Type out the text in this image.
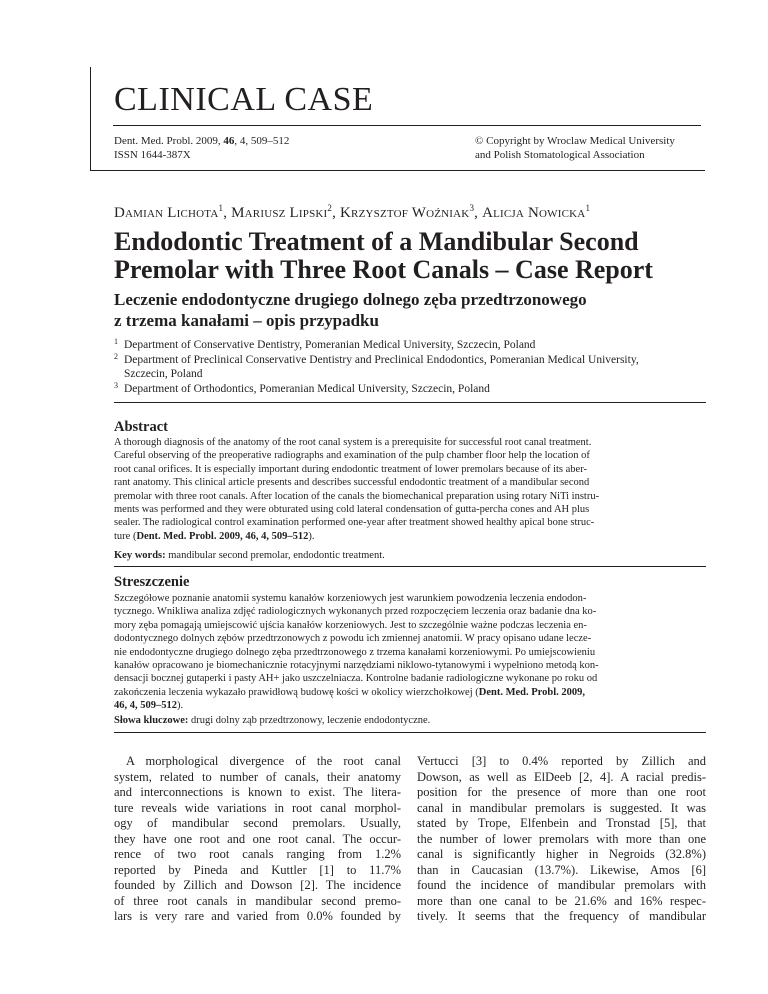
CLINICAL CASE
Dent. Med. Probl. 2009, 46, 4, 509–512
ISSN 1644-387X
© Copyright by Wroclaw Medical University
and Polish Stomatological Association
Damian Lichota$^1$, Mariusz Lipski$^2$, Krzysztof Woźniak$^3$, Alicja Nowicka$^1$
Endodontic Treatment of a Mandibular Second
Premolar with Three Root Canals – Case Report
Leczenie endodontyczne drugiego dolnego zęba przedtrzonowego
z trzema kanałami – opis przypadku
1 Department of Conservative Dentistry, Pomeranian Medical University, Szczecin, Poland
2 Department of Preclinical Conservative Dentistry and Preclinical Endodontics, Pomeranian Medical University,
Szczecin, Poland
3 Department of Orthodontics, Pomeranian Medical University, Szczecin, Poland
Abstract
A thorough diagnosis of the anatomy of the root canal system is a prerequisite for successful root canal treatment.
Careful observing of the preoperative radiographs and examination of the pulp chamber floor help the location of
root canal orifices. It is especially important during endodontic treatment of lower premolars because of its aber-
rant anatomy. This clinical article presents and describes successful endodontic treatment of a mandibular second
premolar with three root canals. After location of the canals the biomechanical preparation using rotary NiTi instru-
ments was performed and they were obturated using cold lateral condensation of gutta-percha cones and AH plus
sealer. The radiological control examination performed one-year after treatment showed healthy apical bone struc-
ture (Dent. Med. Probl. 2009, 46, 4, 509–512).
Key words: mandibular second premolar, endodontic treatment.
Streszczenie
Szczegółowe poznanie anatomii systemu kanałów korzeniowych jest warunkiem powodzenia leczenia endodon-
tycznego. Wnikliwa analiza zdjęć radiologicznych wykonanych przed rozpoczęciem leczenia oraz badanie dna ko-
mory zęba pomagają umiejscowić ujścia kanałów korzeniowych. Jest to szczególnie ważne podczas leczenia en-
dodontycznego dolnych zębów przedtrzonowych z powodu ich zmiennej anatomii. W pracy opisano udane lecze-
nie endodontyczne drugiego dolnego zęba przedtrzonowego z trzema kanałami korzeniowymi. Po umiejscowieniu
kanałów opracowano je biomechanicznie rotacyjnymi narzędziami niklowo-tytanowymi i wypełniono metodą kon-
densacji bocznej gutaperki i pasty AH+ jako uszczelniacza. Kontrolne badanie radiologiczne wykonane po roku od
zakończenia leczenia wykazało prawidłową budowę kości w okolicy wierzchołkowej (Dent. Med. Probl. 2009,
46, 4, 509–512).
Słowa kluczowe: drugi dolny ząb przedtrzonowy, leczenie endodontyczne.
A morphological divergence of the root canal
system, related to number of canals, their anatomy
and interconnections is known to exist. The litera-
ture reveals wide variations in root canal morphol-
ogy of mandibular second premolars. Usually,
they have one root and one root canal. The occur-
rence of two root canals ranging from 1.2%
reported by Pineda and Kuttler [1] to 11.7%
founded by Zillich and Dowson [2]. The incidence
of three root canals in mandibular second premo-
lars is very rare and varied from 0.0% founded by
Vertucci [3] to 0.4% reported by Zillich and
Dowson, as well as ElDeeb [2, 4]. A racial predis-
position for the presence of more than one root
canal in mandibular premolars is suggested. It was
stated by Trope, Elfenbein and Tronstad [5], that
the number of lower premolars with more than one
canal is significantly higher in Negroids (32.8%)
than in Caucasian (13.7%). Likewise, Amos [6]
found the incidence of mandibular premolars with
more than one canal to be 21.6% and 16% respec-
tively. It seems that the frequency of mandibular
